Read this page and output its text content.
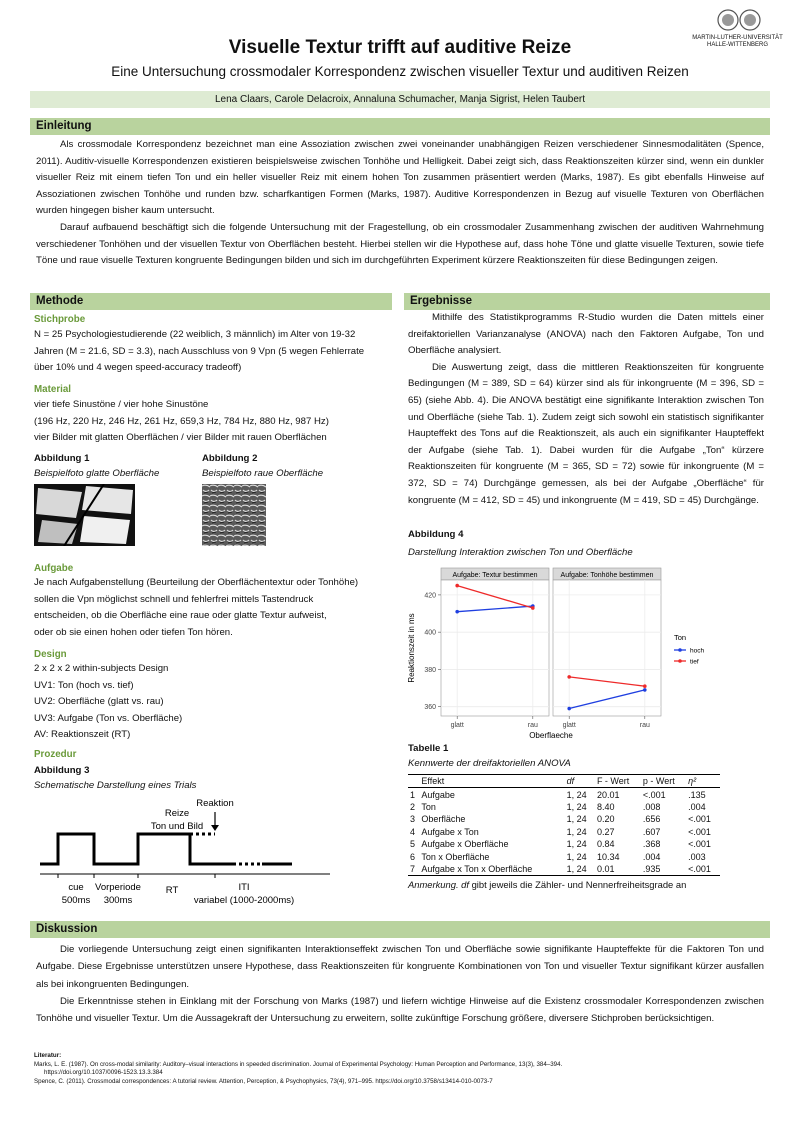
Visuelle Textur trifft auf auditive Reize
Eine Untersuchung crossmodaler Korrespondenz zwischen visueller Textur und auditiven Reizen
MARTIN-LUTHER-UNIVERSITÄT
HALLE-WITTENBERG
Lena Claars, Carole Delacroix, Annaluna Schumacher, Manja Sigrist, Helen Taubert
Einleitung

Als crossmodale Korrespondenz bezeichnet man eine Assoziation zwischen zwei voneinander unabhängigen Reizen verschiedener Sinnesmodalitäten (Spence, 2011). Auditiv-visuelle Korrespondenzen existieren beispielsweise zwischen Tonhöhe und Helligkeit. Dabei zeigt sich, dass Reaktionszeiten kürzer sind, wenn ein dunkler visueller Reiz mit einem tiefen Ton und ein heller visueller Reiz mit einem hohen Ton zusammen präsentiert werden (Marks, 1987). Es gibt ebenfalls Hinweise auf Assoziationen zwischen Tonhöhe und runden bzw. scharfkantigen Formen (Marks, 1987). Auditive Korrespondenzen in Bezug auf visuelle Texturen von Oberflächen wurden hingegen bisher kaum untersucht.

Darauf aufbauend beschäftigt sich die folgende Untersuchung mit der Fragestellung, ob ein crossmodaler Zusammenhang zwischen der auditiven Wahrnehmung verschiedener Tonhöhen und der visuellen Textur von Oberflächen besteht. Hierbei stellen wir die Hypothese auf, dass hohe Töne und glatte visuelle Texturen, sowie tiefe Töne und raue visuelle Texturen kongruente Bedingungen bilden und sich im durchgeführten Experiment kürzere Reaktionszeiten für diese Bedingungen zeigen.

Methode
Stichprobe
N = 25 Psychologiestudierende (22 weiblich, 3 männlich) im Alter von 19-32
Jahren (M = 21.6, SD = 3.3), nach Ausschluss von 9 Vpn (5 wegen Fehlerrate
über 10% und 4 wegen speed-accuracy tradeoff)
Material
vier tiefe Sinustöne / vier hohe Sinustöne
(196 Hz, 220 Hz, 246 Hz, 261 Hz, 659,3 Hz, 784 Hz, 880 Hz, 987 Hz)
vier Bilder mit glatten Oberflächen / vier Bilder mit rauen Oberflächen
Abbildung 1
Beispielfoto glatte Oberfläche
Abbildung 2
Beispielfoto raue Oberfläche
Aufgabe
Je nach Aufgabenstellung (Beurteilung der Oberflächentextur oder Tonhöhe)
sollen die Vpn möglichst schnell und fehlerfrei mittels Tastendruck
entscheiden, ob die Oberfläche eine raue oder glatte Textur aufweist,
oder ob sie einen hohen oder tiefen Ton hören.
Design
2 x 2 x 2 within-subjects Design
UV1: Ton (hoch vs. tief)
UV2: Oberfläche (glatt vs. rau)
UV3: Aufgabe (Ton vs. Oberfläche)
AV: Reaktionszeit (RT)
Prozedur
Abbildung 3
Schematische Darstellung eines Trials
Reaktion
Reize
Ton und Bild
cue
500ms
Vorperiode
300ms
RT	ITI
variabel (1000-2000ms)
Ergebnisse

Mithilfe des Statistikprogramms R-Studio wurden die Daten mittels einer dreifaktoriellen Varianzanalyse (ANOVA) nach den Faktoren Aufgabe, Ton und Oberfläche analysiert.

Die Auswertung zeigt, dass die mittleren Reaktionszeiten für kongruente Bedingungen (M = 389, SD = 64) kürzer sind als für inkongruente (M = 396, SD = 65) (siehe Abb. 4). Die ANOVA bestätigt eine signifikante Interaktion zwischen Ton und Oberfläche (siehe Tab. 1). Zudem zeigt sich sowohl ein statistisch signifikanter Haupteffekt des Tons auf die Reaktionszeit, als auch ein signifikanter Haupteffekt der Aufgabe (siehe Tab. 1). Dabei wurden für die Aufgabe „Ton“ kürzere Reaktionszeiten für kongruente (M = 365, SD = 72) sowie für inkongruente (M = 372, SD = 74) Durchgänge gemessen, als bei der Aufgabe „Oberfläche“ für kongruente (M = 412, SD = 45) und inkongruente (M = 419, SD = 45) Durchgänge.

Abbildung 4
Darstellung Interaktion zwischen Ton und Oberfläche
Aufgabe: Textur bestimmen
glatt	rau
Aufgabe: Tonhöhe bestimmen
glatt	rau
360
380
400
420
Oberflaeche
Reaktionszeit in ms	Ton
hoch
tief
Tabelle 1
Kennwerte der dreifaktoriellen ANOVA
	Effekt	df	F - Wert	p - Wert	η²
1	Aufgabe	1, 24	20.01	<.001	.135
2	Ton	1, 24	8.40	.008	.004
3	Oberfläche	1, 24	0.20	.656	<.001
4	Aufgabe x Ton	1, 24	0.27	.607	<.001
5	Aufgabe x Oberfläche	1, 24	0.84	.368	<.001
6	Ton x Oberfläche	1, 24	10.34	.004	.003
7	Aufgabe x Ton x Oberfläche	1, 24	0.01	.935	<.001
Anmerkung. df gibt jeweils die Zähler- und Nennerfreiheitsgrade an
Diskussion

Die vorliegende Untersuchung zeigt einen signifikanten Interaktionseffekt zwischen Ton und Oberfläche sowie signifikante Haupteffekte für die Faktoren Ton und Aufgabe. Diese Ergebnisse unterstützen unsere Hypothese, dass Reaktionszeiten für kongruente Kombinationen von Ton und visueller Textur signifikant kürzer ausfallen als bei inkongruenten Bedingungen.

Die Erkenntnisse stehen in Einklang mit der Forschung von Marks (1987) und liefern wichtige Hinweise auf die Existenz crossmodaler Korrespondenzen zwischen Tonhöhe und visueller Textur. Um die Aussagekraft der Untersuchung zu erweitern, sollte zukünftige Forschung größere, diversere Stichproben berücksichtigen.

Literatur:
Marks, L. E. (1987). On cross-modal similarity: Auditory–visual interactions in speeded discrimination. Journal of Experimental Psychology: Human Perception and Performance, 13(3), 384–394.
https://doi.org/10.1037/0096-1523.13.3.384
Spence, C. (2011). Crossmodal correspondences: A tutorial review. Attention, Perception, & Psychophysics, 73(4), 971–995. https://doi.org/10.3758/s13414-010-0073-7
